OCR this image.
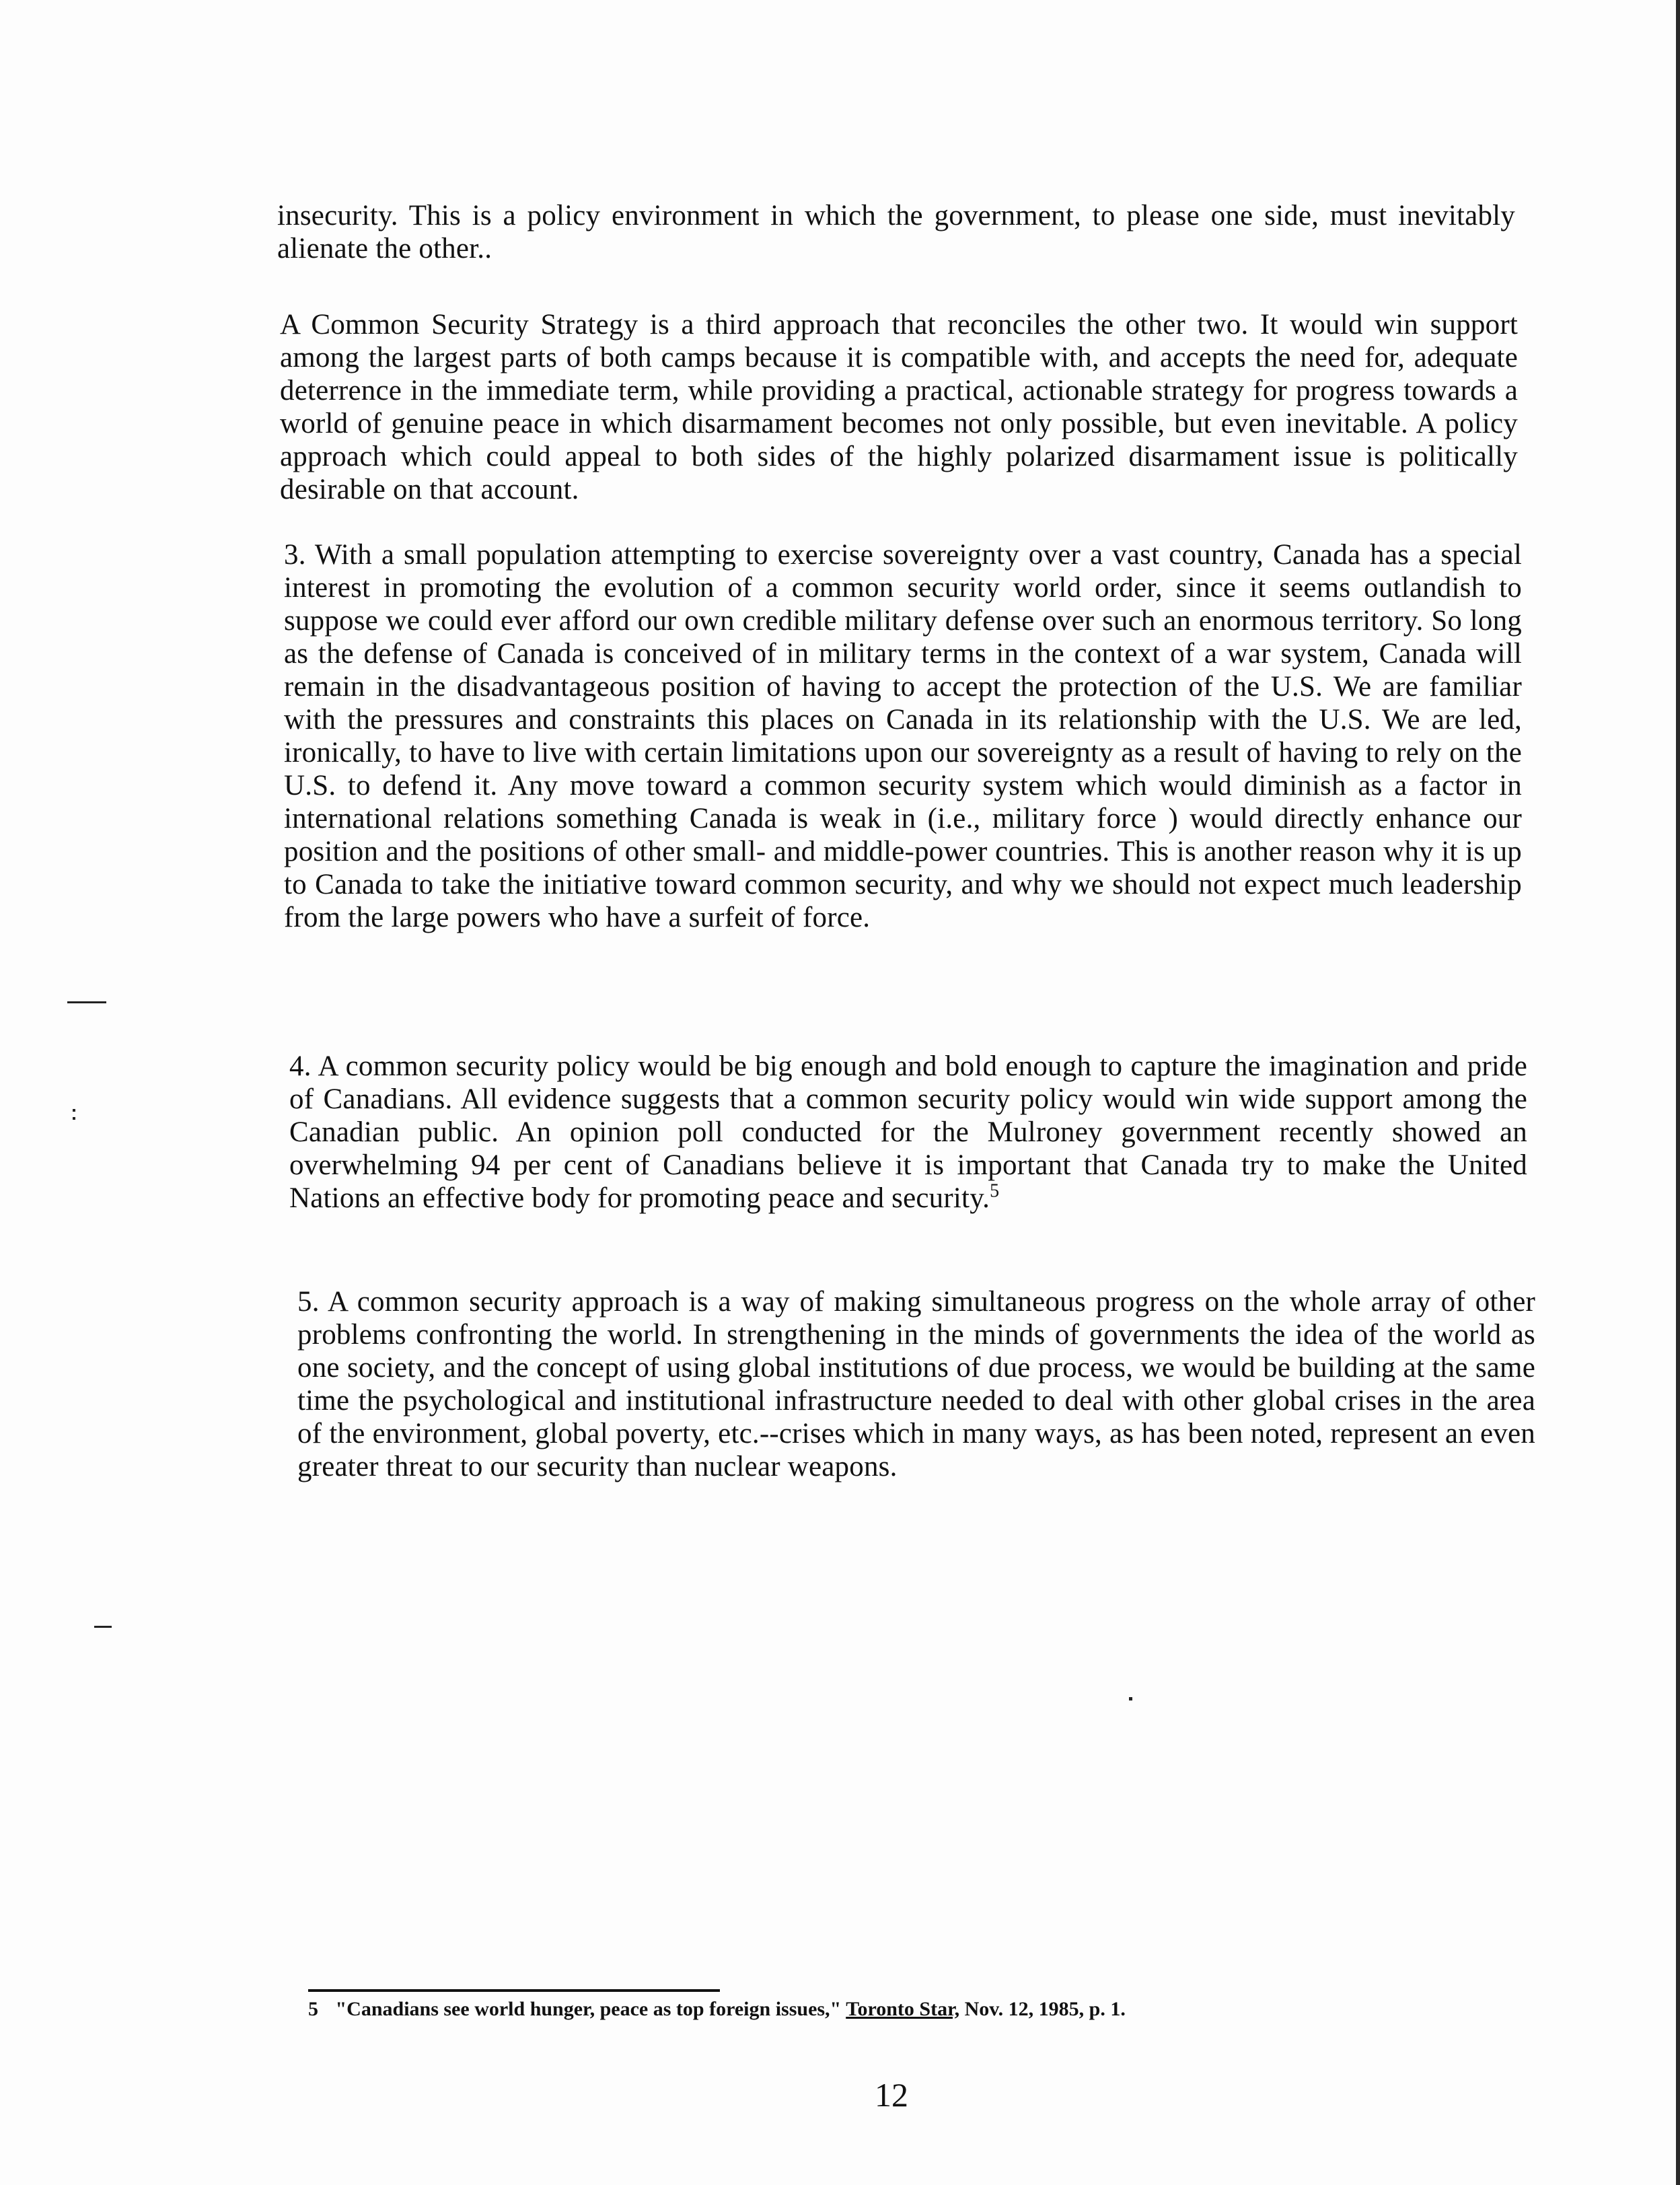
insecurity. This is a policy environment in which the government, to please one side, must inevitably alienate the other..

A Common Security Strategy is a third approach that reconciles the other two. It would win support among the largest parts of both camps because it is compatible with, and accepts the need for, adequate deterrence in the immediate term, while providing a practical, actionable strategy for progress towards a world of genuine peace in which disarmament becomes not only possible, but even inevitable. A policy approach which could appeal to both sides of the highly polarized disarmament issue is politically desirable on that account.

3. With a small population attempting to exercise sovereignty over a vast country, Canada has a special interest in promoting the evolution of a common security world order, since it seems outlandish to suppose we could ever afford our own credible military defense over such an enormous territory. So long as the defense of Canada is conceived of in military terms in the context of a war system, Canada will remain in the disadvantageous position of having to accept the protection of the U.S. We are familiar with the pressures and constraints this places on Canada in its relationship with the U.S. We are led, ironically, to have to live with certain limitations upon our sovereignty as a result of having to rely on the U.S. to defend it. Any move toward a common security system which would diminish as a factor in international relations something Canada is weak in (i.e., military force ) would directly enhance our position and the positions of other small- and middle-power countries. This is another reason why it is up to Canada to take the initiative toward common security, and why we should not expect much leadership from the large powers who have a surfeit of force.

4. A common security policy would be big enough and bold enough to capture the imagination and pride of Canadians. All evidence suggests that a common security policy would win wide support among the Canadian public. An opinion poll conducted for the Mulroney government recently showed an overwhelming 94 per cent of Canadians believe it is important that Canada try to make the United Nations an effective body for promoting peace and security.$^5$

5. A common security approach is a way of making simultaneous progress on the whole array of other problems confronting the world. In strengthening in the minds of governments the idea of the world as one society, and the concept of using global institutions of due process, we would be building at the same time the psychological and institutional infrastructure needed to deal with other global crises in the area of the environment, global poverty, etc.--crises which in many ways, as has been noted, represent an even greater threat to our security than nuclear weapons.

5 "Canadians see world hunger, peace as top foreign issues," Toronto Star, Nov. 12, 1985, p. 1.
12
